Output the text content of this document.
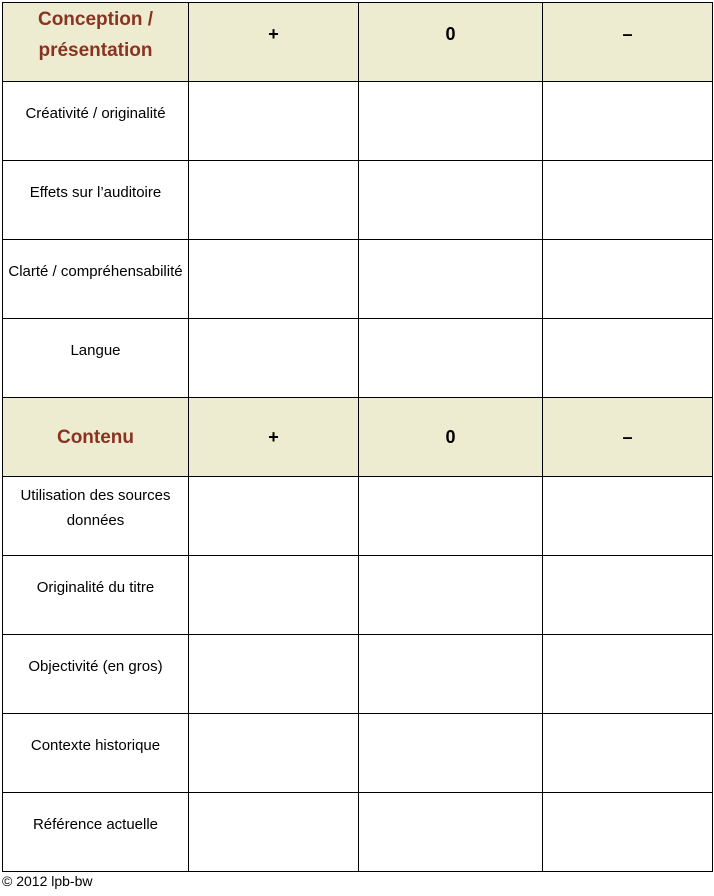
Conception / présentation	+	0	–

Créativité / originalité			

Effets sur l’auditoire			

Clarté / compréhensabilité			

Langue			

Contenu	+	0	–

Utilisation des sources données			

Originalité du titre			

Objectivité (en gros)			

Contexte historique			

Référence actuelle			

© 2012 lpb-bw
